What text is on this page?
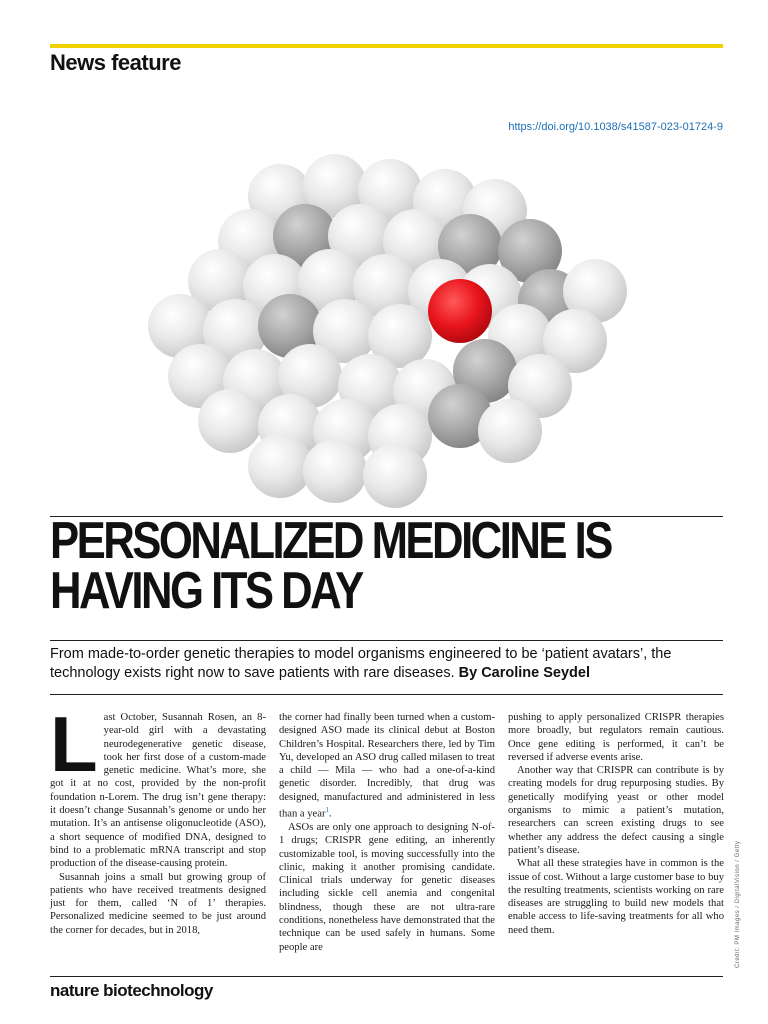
News feature
https://doi.org/10.1038/s41587-023-01724-9
PERSONALIZED MEDICINE IS
HAVING ITS DAY
From made-to-order genetic therapies to model organisms engineered to be ‘patient avatars’, the technology exists right now to save patients with rare diseases. By Caroline Seydel

Last October, Susannah Rosen, an 8-year-old girl with a devastating neurodegenerative genetic disease, took her first dose of a custom-made genetic medicine. What’s more, she got it at no cost, provided by the non-profit foundation n-Lorem. The drug isn’t gene therapy: it doesn’t change Susannah’s genome or undo her mutation. It’s an antisense oligonucleotide (ASO), a short sequence of modified DNA, designed to bind to a problematic mRNA transcript and stop production of the disease-causing protein.

Susannah joins a small but growing group of patients who have received treatments designed just for them, called ‘N of 1’ therapies. Personalized medicine seemed to be just around the corner for decades, but in 2018,

the corner had finally been turned when a custom-designed ASO made its clinical debut at Boston Children’s Hospital. Researchers there, led by Tim Yu, developed an ASO drug called milasen to treat a child — Mila — who had a one-of-a-kind genetic disorder. Incredibly, that drug was designed, manufactured and administered in less than a year$^1$.

ASOs are only one approach to designing N-of-1 drugs; CRISPR gene editing, an inherently customizable tool, is moving successfully into the clinic, making it another promising candidate. Clinical trials underway for genetic diseases including sickle cell anemia and congenital blindness, though these are not ultra-rare conditions, nonetheless have demonstrated that the technique can be used safely in humans. Some people are

pushing to apply personalized CRISPR therapies more broadly, but regulators remain cautious. Once gene editing is performed, it can’t be reversed if adverse events arise.

Another way that CRISPR can contribute is by creating models for drug repurposing studies. By genetically modifying yeast or other model organisms to mimic a patient’s mutation, researchers can screen existing drugs to see whether any address the defect causing a single patient’s disease.

What all these strategies have in common is the issue of cost. Without a large customer base to buy the resulting treatments, scientists working on rare diseases are struggling to build new models that enable access to life-saving treatments for all who need them.	Credit: PM Images / DigitalVision / Getty
nature biotechnology
